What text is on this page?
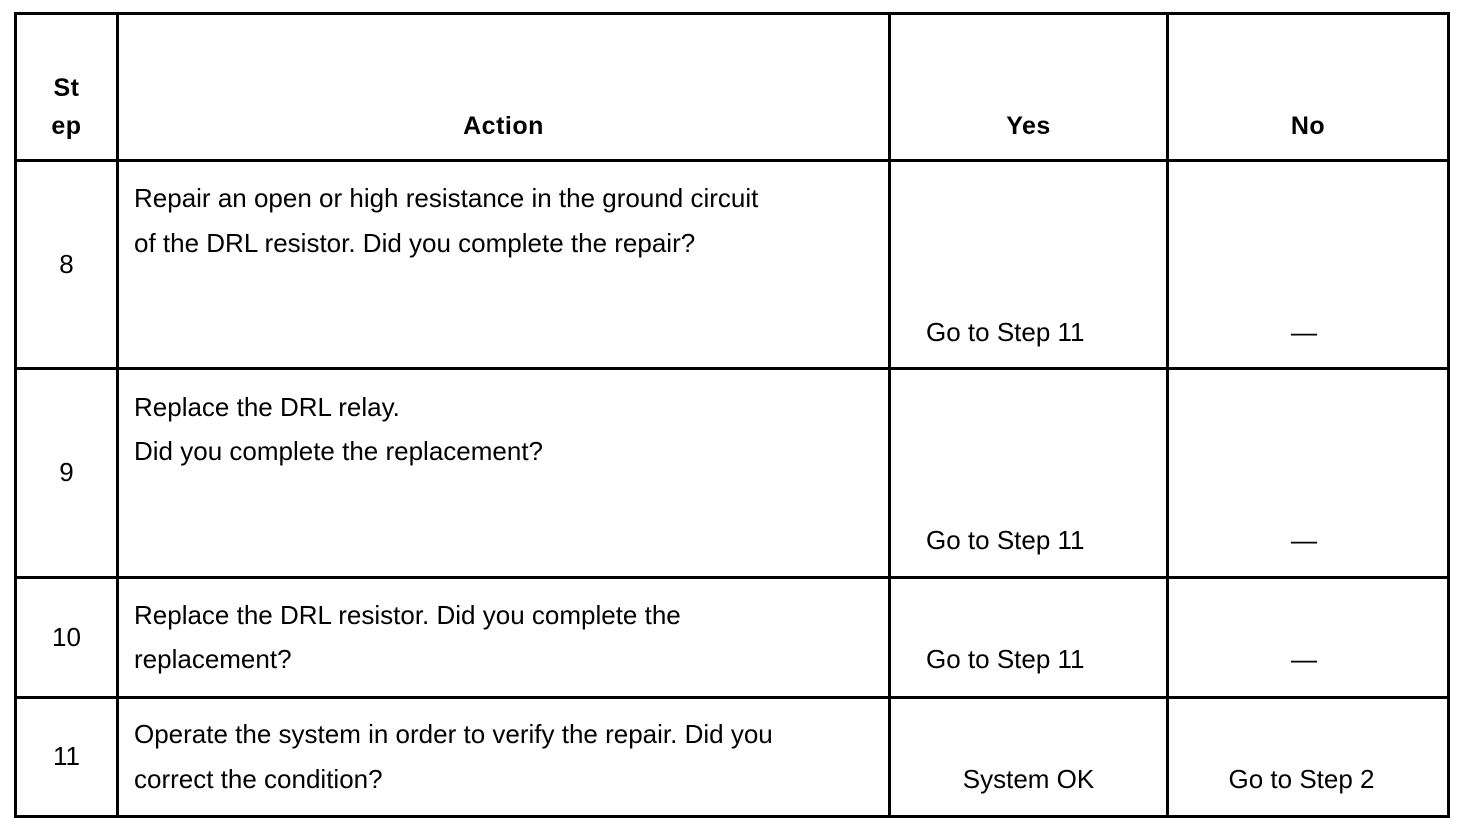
St
ep	Action	Yes	No
8
Repair an open or high resistance in the ground circuit
of the DRL resistor. Did you complete the repair?
Go to Step 11	—
9
Replace the DRL relay.
Did you complete the replacement?
Go to Step 11	—
10
Replace the DRL resistor. Did you complete the
replacement?	Go to Step 11	—
11
Operate the system in order to verify the repair. Did you
correct the condition?	System OK	Go to Step 2
